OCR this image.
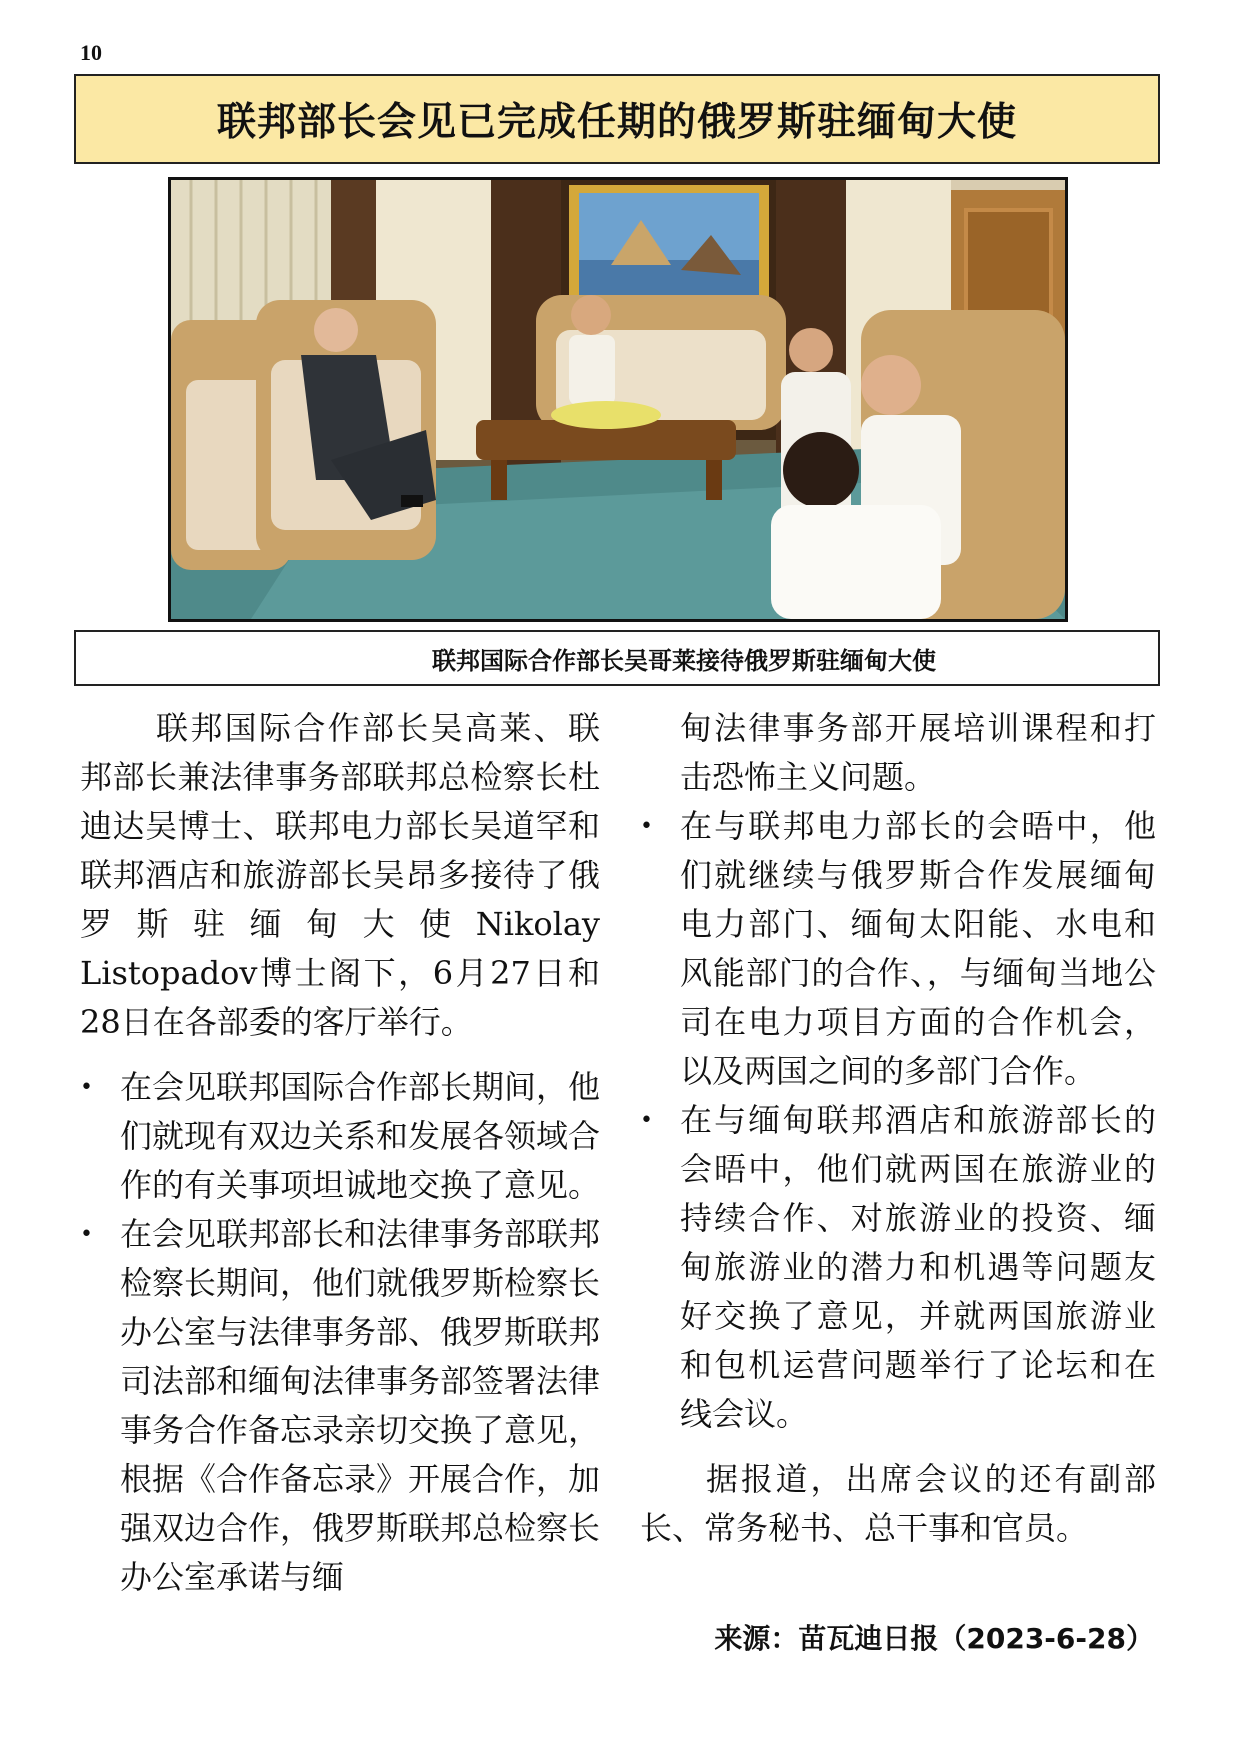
10
联邦部长会见已完成任期的俄罗斯驻缅甸大使
联邦国际合作部长吴哥莱接待俄罗斯驻缅甸大使

联邦国际合作部长吴高莱、联邦部长兼法律事务部联邦总检察长杜迪达吴博士、联邦电力部长吴道罕和联邦酒店和旅游部长吴昂多接待了俄罗斯驻缅甸大使Nikolay Listopadov博士阁下，6月27日和28日在各部委的客厅举行。

• 在会见联邦国际合作部长期间，他们就现有双边关系和发展各领域合作的有关事项坦诚地交换了意见。
• 在会见联邦部长和法律事务部联邦检察长期间，他们就俄罗斯检察长办公室与法律事务部、俄罗斯联邦司法部和缅甸法律事务部签署法律事务合作备忘录亲切交换了意见，根据《合作备忘录》开展合作，加强双边合作，俄罗斯联邦总检察长办公室承诺与缅
甸法律事务部开展培训课程和打击恐怖主义问题。
• 在与联邦电力部长的会晤中，他们就继续与俄罗斯合作发展缅甸电力部门、缅甸太阳能、水电和风能部门的合作、，与缅甸当地公司在电力项目方面的合作机会，以及两国之间的多部门合作。
• 在与缅甸联邦酒店和旅游部长的会晤中，他们就两国在旅游业的持续合作、对旅游业的投资、缅甸旅游业的潜力和机遇等问题友好交换了意见，并就两国旅游业和包机运营问题举行了论坛和在线会议。

据报道，出席会议的还有副部长、常务秘书、总干事和官员。

来源：苗瓦迪日报（2023-6-28）
